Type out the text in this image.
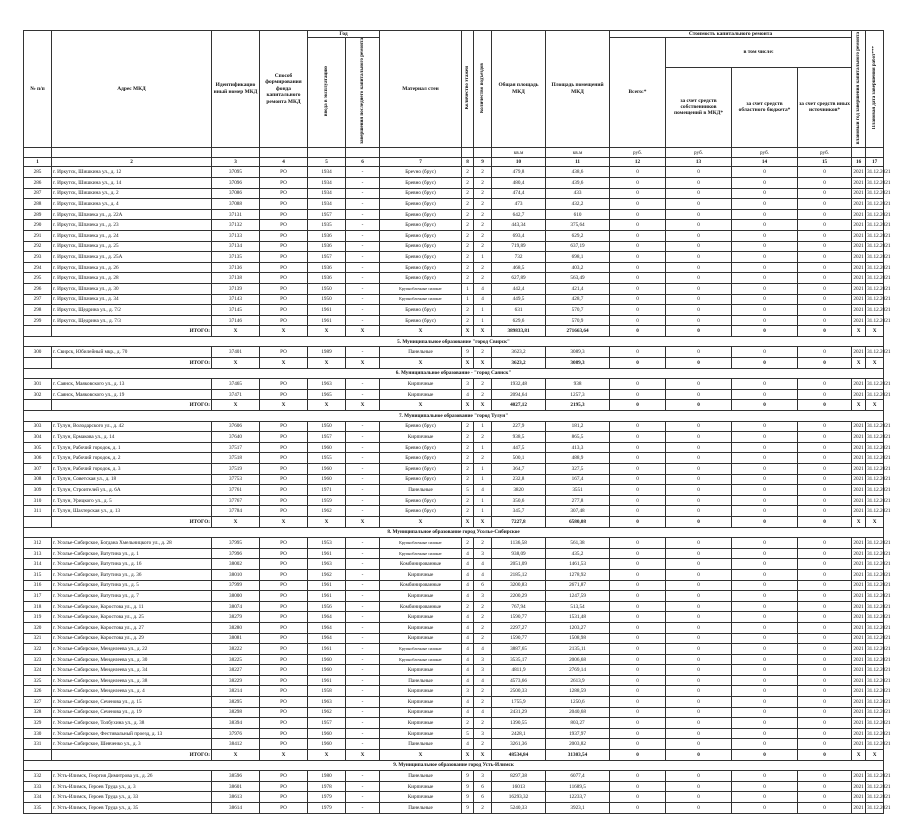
№ п/п	Адрес МКД	Идентификацио нный номер МКД	Способ формирования фонда капитального ремонта МКД	Год		Материал стен	Количество этажей	Количество подъездов	Общая площадь МКД	Площадь помещений МКД	Стоимость капитального ремонта				плановый год завершения капитального ремонта	Плановая дата завершения работ***
				ввода в эксплуатацию	завершения последнего капитального ремонта						Всего:*	в том числе:				
												за счет средств собственников помещений в МКД*	за счет средств областного бюджета*	за счет средств иных источников*		
									кв.м	кв.м	руб.	руб.	руб.	руб.		
1	2	3	4	5	6	7	8	9	10	11	12	13	14	15	16	17
285	г. Иркутск, Шишкина ул., д. 12	37095	РО	1934	-	Брevно (брус)	2	2	479,8	438,6	0	0	0	0	2021	31.12.2021
286	г. Иркутск, Шишкина ул., д. 14	37096	РО	1934	-	Бревно (брус)	2	2	480,4	439,6	0	0	0	0	2021	31.12.2021
287	г. Иркутск, Шишкина ул., д. 2	37086	РО	1934	-	Бревно (брус)	2	2	474,4	433	0	0	0	0	2021	31.12.2021
288	г. Иркутск, Шишкина ул., д. 4	37088	РО	1934	-	Бревно (брус)	2	2	473	432,2	0	0	0	0	2021	31.12.2021
289	г. Иркутск, Шпачека ул., д. 22А	37131	РО	1957	-	Бревно (брус)	2	2	642,7	610	0	0	0	0	2021	31.12.2021
290	г. Иркутск, Шпачека ул., д. 23	37132	РО	1935	-	Бревно (брус)	2	2	443,34	375,64	0	0	0	0	2021	31.12.2021
291	г. Иркутск, Шпачека ул., д. 24	37133	РО	1936	-	Бревно (брус)	2	2	693,4	629,2	0	0	0	0	2021	31.12.2021
292	г. Иркутск, Шпачека ул., д. 25	37134	РО	1936	-	Бревно (брус)	2	2	719,89	637,19	0	0	0	0	2021	31.12.2021
293	г. Иркутск, Шпачека ул., д. 25А	37135	РО	1957	-	Бревно (брус)	2	1	732	698,1	0	0	0	0	2021	31.12.2021
294	г. Иркутск, Шпачека ул., д. 26	37136	РО	1936	-	Бревно (брус)	2	2	468,5	403,2	0	0	0	0	2021	31.12.2021
295	г. Иркутск, Шпачека ул., д. 28	37138	РО	1936	-	Бревно (брус)	2	2	627,89	563,49	0	0	0	0	2021	31.12.2021
296	г. Иркутск, Шпачека ул., д. 30	37139	РО	1950	-	Крупноблочные силикат	1	4	442,4	421,4	0	0	0	0	2021	31.12.2021
297	г. Иркутск, Шпачека ул., д. 34	37143	РО	1950	-	Крупноблочные силикат	1	4	449,5	428,7	0	0	0	0	2021	31.12.2021
298	г. Иркутск, Щедрина ул., д. 7/2	37145	РО	1961	-	Бревно (брус)	2	1	631	570,7	0	0	0	0	2021	31.12.2021
299	г. Иркутск, Щедрина ул., д. 7/3	37146	РО	1961	-	Бревно (брус)	2	1	629,6	570,9	0	0	0	0	2021	31.12.2021
	ИТОГО:	X	X	X	X	X	X	X	389833,81	271663,64	0	0	0	0	X	X
5. Муниципальное образование "город Свирск"																
300	г. Свирск, Юбилейный мкр., д. 70	37401	РО	1989	-	Панельные	9	2	3623,2	3089,3	0	0	0	0	2021	31.12.2021
	ИТОГО:	X	X	X	X	X	X	X	3623,2	3089,3	0	0	0	0	X	X
6. Муниципальное образование - "город Саянск"																
301	г. Саянск, Маяковского ул., д. 13	37465	РО	1963	-	Кирпичные	3	2	1932,48	938	0	0	0	0	2021	31.12.2021
302	г. Саянск, Маяковского ул., д. 19	37471	РО	1965	-	Кирпичные	4	2	2094,64	1257,3	0	0	0	0	2021	31.12.2021
	ИТОГО:	X	X	X	X	X	X	X	4027,12	2195,3	0	0	0	0	X	X
7. Муниципальное образование "город Тулун"																
303	г. Тулун, Володарского ул., д. 42	37606	РО	1950	-	Бревно (брус)	2	1	227,9	181,2	0	0	0	0	2021	31.12.2021
304	г. Тулун, Ермакова ул., д. 14	37640	РО	1957	-	Кирпичные	2	2	938,5	865,5	0	0	0	0	2021	31.12.2021
305	г. Тулун, Рабочий городок, д. 1	37517	РО	1960	-	Бревно (брус)	2	1	447,5	413,3	0	0	0	0	2021	31.12.2021
306	г. Тулун, Рабочий городок, д. 2	37518	РО	1955	-	Бревно (брус)	2	2	500,1	488,9	0	0	0	0	2021	31.12.2021
307	г. Тулун, Рабочий городок, д. 3	37519	РО	1960	-	Бревно (брус)	2	1	364,7	327,5	0	0	0	0	2021	31.12.2021
308	г. Тулун, Советская ул., д. 18	37753	РО	1960	-	Бревно (брус)	2	1	232,8	167,4	0	0	0	0	2021	31.12.2021
309	г. Тулун, Строителей ул., д. 6А	37761	РО	1971	-	Панельные	5	4	3820	3551	0	0	0	0	2021	31.12.2021
310	г. Тулун, Урицкого ул., д. 5	37767	РО	1959	-	Бревно (брус)	2	1	350,6	277,8	0	0	0	0	2021	31.12.2021
311	г. Тулун, Шахтерская ул., д. 13	37784	РО	1962	-	Бревно (брус)	2	1	345,7	307,48	0	0	0	0	2021	31.12.2021
	ИТОГО:	X	X	X	X	X	X	X	7227,8	6580,08	0	0	0	0	X	X
8. Муниципальное образование город Усолье-Сибирское																
312	г. Усолье-Сибирское, Богдана Хмельницкого ул., д. 28	37995	РО	1953	-	Крупноблочные силикат	2	2	1136,58	561,38	0	0	0	0	2021	31.12.2021
313	г. Усолье-Сибирское, Ватутина ул., д. 1	37996	РО	1961	-	Крупноблочные силикат	4	3	938,09	435,2	0	0	0	0	2021	31.12.2021
314	г. Усолье-Сибирское, Ватутина ул., д. 16	38002	РО	1963	-	Комбинированные	4	4	2051,09	1461,53	0	0	0	0	2021	31.12.2021
315	г. Усолье-Сибирское, Ватутина ул., д. 36	38010	РО	1962	-	Кирпичные	4	4	2185,12	1278,92	0	0	0	0	2021	31.12.2021
316	г. Усолье-Сибирское, Ватутина ул., д. 5	37999	РО	1961	-	Комбинированные	4	6	3200,83	2671,87	0	0	0	0	2021	31.12.2021
317	г. Усолье-Сибирское, Ватутина ул., д. 7	38000	РО	1961	-	Кирпичные	4	3	2200,29	1247,59	0	0	0	0	2021	31.12.2021
318	г. Усолье-Сибирское, Коростова ул., д. 11	38074	РО	1956	-	Комбинированные	2	2	767,94	513,54	0	0	0	0	2021	31.12.2021
319	г. Усолье-Сибирское, Коростова ул., д. 25	38279	РО	1964	-	Кирпичные	4	2	1590,77	1531,48	0	0	0	0	2021	31.12.2021
320	г. Усолье-Сибирское, Коростова ул., д. 27	38280	РО	1964	-	Кирпичные	4	2	2297,27	1203,27	0	0	0	0	2021	31.12.2021
321	г. Усолье-Сибирское, Коростова ул., д. 29	38081	РО	1964	-	Кирпичные	4	2	1590,77	1508,98	0	0	0	0	2021	31.12.2021
322	г. Усолье-Сибирское, Менделеева ул., д. 22	38222	РО	1961	-	Крупноблочные силикат	4	4	3887,65	2135,11	0	0	0	0	2021	31.12.2021
323	г. Усолье-Сибирское, Менделеева ул., д. 30	38225	РО	1960	-	Крупноблочные силикат	4	3	3535,17	2006,68	0	0	0	0	2021	31.12.2021
324	г. Усолье-Сибирское, Менделеева ул., д. 34	38227	РО	1960	-	Кирпичные	4	3	4811,9	2769,14	0	0	0	0	2021	31.12.2021
325	г. Усолье-Сибирское, Менделеева ул., д. 38	38229	РО	1961	-	Панельные	4	4	4573,66	2613,9	0	0	0	0	2021	31.12.2021
326	г. Усолье-Сибирское, Менделеева ул., д. 4	38214	РО	1958	-	Кирпичные	3	2	2500,33	1288,59	0	0	0	0	2021	31.12.2021
327	г. Усолье-Сибирское, Сеченова ул., д. 15	38295	РО	1963	-	Кирпичные	4	2	1755,9	1250,6	0	0	0	0	2021	31.12.2021
328	г. Усолье-Сибирское, Сеченова ул., д. 19	38298	РО	1962	-	Кирпичные	4	4	2431,29	2040,68	0	0	0	0	2021	31.12.2021
329	г. Усолье-Сибирское, Толбухина ул., д. 38	38394	РО	1957	-	Кирпичные	2	2	1390,55	803,27	0	0	0	0	2021	31.12.2021
330	г. Усолье-Сибирское, Фестивальный проезд, д. 13	37976	РО	1960	-	Кирпичные	5	3	2428,1	1937,97	0	0	0	0	2021	31.12.2021
331	г. Усолье-Сибирское, Шевченко ул., д. 3	38412	РО	1960	-	Панельные	4	2	3261,36	2003,82	0	0	0	0	2021	31.12.2021
	ИТОГО:	X	X	X	X	X	X	X	48534,84	31303,54	0	0	0	0	X	X
9. Муниципальное образование город Усть-Илимск																
332	г. Усть-Илимск, Георгия Димитрова ул., д. 26	38596	РО	1980	-	Панельные	9	3	8297,38	6077,4	0	0	0	0	2021	31.12.2021
333	г. Усть-Илимск, Героев Труда ул., д. 3	38601	РО	1978	-	Кирпичные	9	6	16013	11689,5	0	0	0	0	2021	31.12.2021
334	г. Усть-Илимск, Героев Труда ул., д. 33	38613	РО	1979	-	Кирпичные	9	6	16293,32	12233,7	0	0	0	0	2021	31.12.2021
335	г. Усть-Илимск, Героев Труда ул., д. 35	38614	РО	1979	-	Панельные	9	2	5240,33	3923,1	0	0	0	0	2021	31.12.2021
